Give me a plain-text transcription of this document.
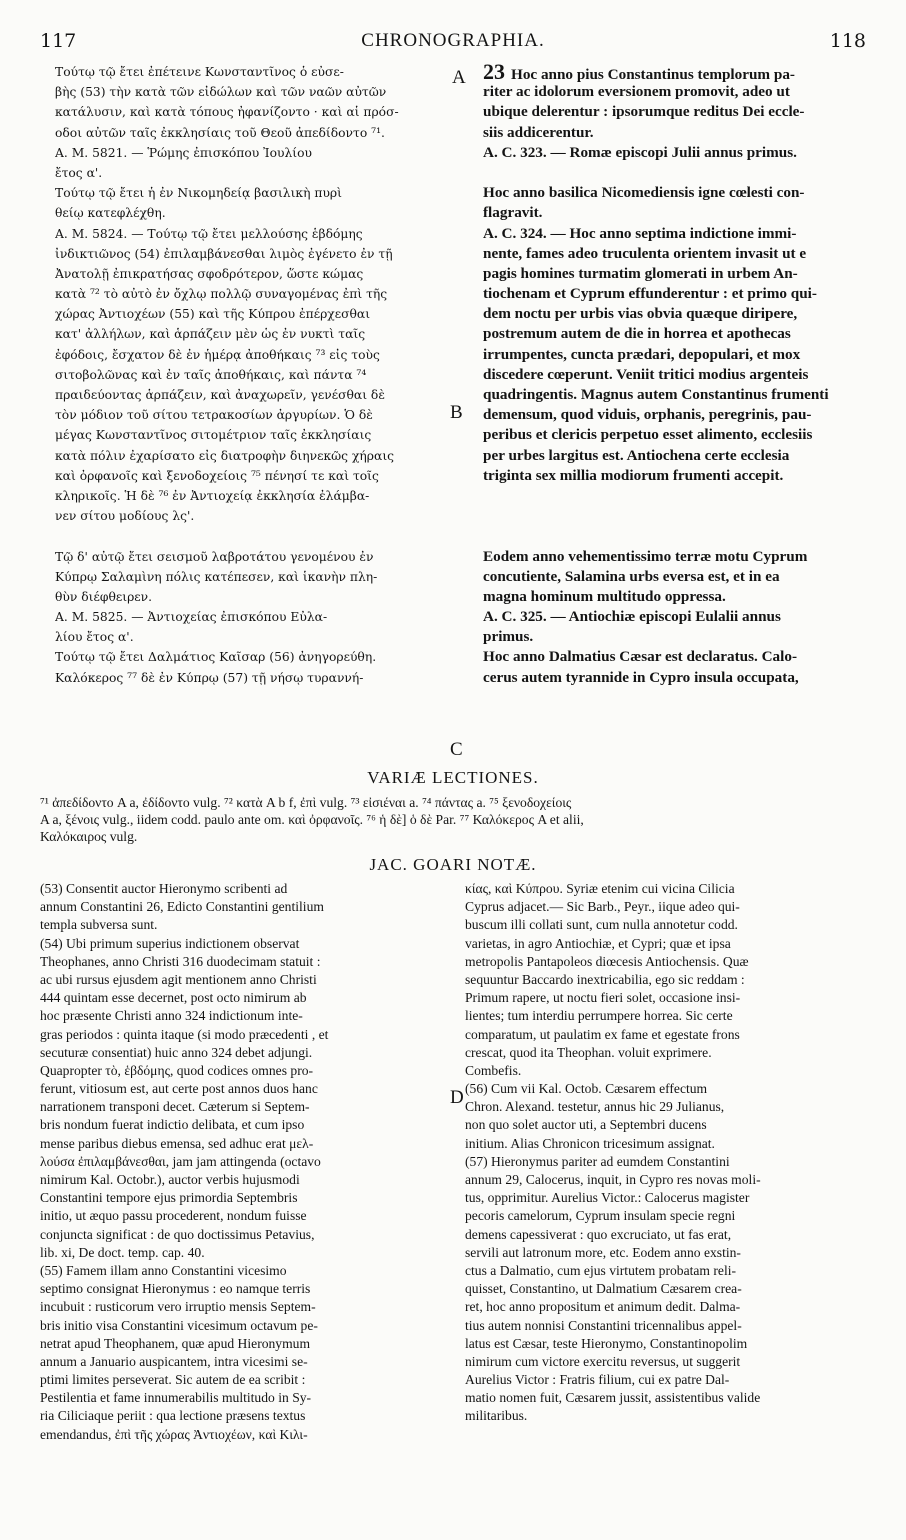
CHRONOGRAPHIA.
117	118
A
B
C
D
Τούτῳ τῷ ἔτει ἐπέτεινε Κωνσταντῖνος ὁ εὐσε-
βὴς (53) τὴν κατὰ τῶν εἰδώλων καὶ τῶν ναῶν αὐτῶν
κατάλυσιν, καὶ κατὰ τόπους ἠφανίζοντο · καὶ αἱ πρόσ-
οδοι αὐτῶν ταῖς ἐκκλησίαις τοῦ Θεοῦ ἀπεδίδοντο ⁷¹.
Α. Μ. 5821. — Ῥώμης ἐπισκόπου Ἰουλίου
ἔτος α'.
Τούτῳ τῷ ἔτει ἡ ἐν Νικομηδείᾳ βασιλικὴ πυρὶ
θείῳ κατεφλέχθη.
Α. Μ. 5824. — Τούτῳ τῷ ἔτει μελλούσης ἑβδόμης
ἰνδικτιῶνος (54) ἐπιλαμβάνεσθαι λιμὸς ἐγένετο ἐν τῇ
Ἀνατολῇ ἐπικρατήσας σφοδρότερον, ὥστε κώμας
κατὰ ⁷² τὸ αὐτὸ ἐν ὄχλῳ πολλῷ συναγομένας ἐπὶ τῆς
χώρας Ἀντιοχέων (55) καὶ τῆς Κύπρου ἐπέρχεσθαι
κατ' ἀλλήλων, καὶ ἁρπάζειν μὲν ὡς ἐν νυκτὶ ταῖς
ἐφόδοις, ἔσχατον δὲ ἐν ἡμέρᾳ ἀποθήκαις ⁷³ εἰς τοὺς
σιτοβολῶνας καὶ ἐν ταῖς ἀποθήκαις, καὶ πάντα ⁷⁴
πραιδεύοντας ἁρπάζειν, καὶ ἀναχωρεῖν, γενέσθαι δὲ
τὸν μόδιον τοῦ σίτου τετρακοσίων ἀργυρίων. Ὁ δὲ
μέγας Κωνσταντῖνος σιτομέτριον ταῖς ἐκκλησίαις
κατὰ πόλιν ἐχαρίσατο εἰς διατροφὴν διηνεκῶς χήραις
καὶ ὀρφανοῖς καὶ ξενοδοχείοις ⁷⁵ πένησί τε καὶ τοῖς
κληρικοῖς. Ἡ δὲ ⁷⁶ ἐν Ἀντιοχείᾳ ἐκκλησία ἐλάμβα-
νεν σίτου μοδίους λς'.
Τῷ δ' αὐτῷ ἔτει σεισμοῦ λαβροτάτου γενομένου ἐν
Κύπρῳ Σαλαμὶνη πόλις κατέπεσεν, καὶ ἱκανὴν πλη-
θὺν διέφθειρεν.
Α. Μ. 5825. — Ἀντιοχείας ἐπισκόπου Εὐλα-
λίου ἔτος α'.
Τούτῳ τῷ ἔτει Δαλμάτιος Καῖσαρ (56) ἀνηγορεύθη.
Καλόκερος ⁷⁷ δὲ ἐν Κύπρῳ (57) τῇ νήσῳ τυραννή-
23 Hoc anno pius Constantinus templorum pa-
riter ac idolorum eversionem promovit, adeo ut
ubique delerentur : ipsorumque reditus Dei eccle-
siis addicerentur.
A. C. 323. — Romæ episcopi Julii annus primus.
Hoc anno basilica Nicomediensis igne cœlesti con-
flagravit.
A. C. 324. — Hoc anno septima indictione immi-
nente, fames adeo truculenta orientem invasit ut e
pagis homines turmatim glomerati in urbem An-
tiochenam et Cyprum effunderentur : et primo qui-
dem noctu per urbis vias obvia quæque diripere,
postremum autem de die in horrea et apothecas
irrumpentes, cuncta prædari, depopulari, et mox
discedere cœperunt. Veniit tritici modius argenteis
quadringentis. Magnus autem Constantinus frumenti
demensum, quod viduis, orphanis, peregrinis, pau-
peribus et clericis perpetuo esset alimento, ecclesiis
per urbes largitus est. Antiochena certe ecclesia
triginta sex millia modiorum frumenti accepit.
Eodem anno vehementissimo terræ motu Cyprum
concutiente, Salamina urbs eversa est, et in ea
magna hominum multitudo oppressa.
A. C. 325. — Antiochiæ episcopi Eulalii annus
primus.
Hoc anno Dalmatius Cæsar est declaratus. Calo-
cerus autem tyrannide in Cypro insula occupata,
VARIÆ LECTIONES.
⁷¹ ἀπεδίδοντο A a, ἐδίδοντο vulg. ⁷² κατὰ A b f, ἐπὶ vulg. ⁷³ εἰσιέναι a. ⁷⁴ πάντας a. ⁷⁵ ξενοδοχείοις
A a, ξένοις vulg., iidem codd. paulo ante om. καὶ ὀρφανοῖς. ⁷⁶ ἡ δὲ] ὁ δὲ Par. ⁷⁷ Καλόκερος A et alii,
Καλόκαιρος vulg.
JAC. GOARI NOTÆ.
(53) Consentit auctor Hieronymo scribenti ad
annum Constantini 26, Edicto Constantini gentilium
templa subversa sunt.
(54) Ubi primum superius indictionem observat
Theophanes, anno Christi 316 duodecimam statuit :
ac ubi rursus ejusdem agit mentionem anno Christi
444 quintam esse decernet, post octo nimirum ab
hoc præsente Christi anno 324 indictionum inte-
gras periodos : quinta itaque (si modo præcedenti , et
secuturæ consentiat) huic anno 324 debet adjungi.
Quapropter τὸ, ἑβδόμης, quod codices omnes pro-
ferunt, vitiosum est, aut certe post annos duos hanc
narrationem transponi decet. Cæterum si Septem-
bris nondum fuerat indictio delibata, et cum ipso
mense paribus diebus emensa, sed adhuc erat μελ-
λούσα ἐπιλαμβάνεσθαι, jam jam attingenda (octavo
nimirum Kal. Octobr.), auctor verbis hujusmodi
Constantini tempore ejus primordia Septembris
initio, ut æquo passu procederent, nondum fuisse
conjuncta significat : de quo doctissimus Petavius,
lib. xi, De doct. temp. cap. 40.
(55) Famem illam anno Constantini vicesimo
septimo consignat Hieronymus : eo namque terris
incubuit : rusticorum vero irruptio mensis Septem-
bris initio visa Constantini vicesimum octavum pe-
netrat apud Theophanem, quæ apud Hieronymum
annum a Januario auspicantem, intra vicesimi se-
ptimi limites perseverat. Sic autem de ea scribit :
Pestilentia et fame innumerabilis multitudo in Sy-
ria Ciliciaque periit : qua lectione præsens textus
emendandus, ἐπὶ τῆς χώρας Ἀντιοχέων, καὶ Κιλι-
κίας, καὶ Κύπρου. Syriæ etenim cui vicina Cilicia
Cyprus adjacet.— Sic Barb., Peyr., iique adeo qui-
buscum illi collati sunt, cum nulla annotetur codd.
varietas, in agro Antiochiæ, et Cypri; quæ et ipsa
metropolis Pantapoleos diœcesis Antiochensis. Quæ
sequuntur Baccardo inextricabilia, ego sic reddam :
Primum rapere, ut noctu fieri solet, occasione insi-
lientes; tum interdiu perrumpere horrea. Sic certe
comparatum, ut paulatim ex fame et egestate frons
crescat, quod ita Theophan. voluit exprimere.
Combefis.
(56) Cum vii Kal. Octob. Cæsarem effectum
Chron. Alexand. testetur, annus hic 29 Julianus,
non quo solet auctor uti, a Septembri ducens
initium. Alias Chronicon tricesimum assignat.
(57) Hieronymus pariter ad eumdem Constantini
annum 29, Calocerus, inquit, in Cypro res novas moli-
tus, opprimitur. Aurelius Victor.: Calocerus magister
pecoris camelorum, Cyprum insulam specie regni
demens capessiverat : quo excruciato, ut fas erat,
servili aut latronum more, etc. Eodem anno exstin-
ctus a Dalmatio, cum ejus virtutem probatam reli-
quisset, Constantino, ut Dalmatium Cæsarem crea-
ret, hoc anno propositum et animum dedit. Dalma-
tius autem nonnisi Constantini tricennalibus appel-
latus est Cæsar, teste Hieronymo, Constantinopolim
nimirum cum victore exercitu reversus, ut suggerit
Aurelius Victor : Fratris filium, cui ex patre Dal-
matio nomen fuit, Cæsarem jussit, assistentibus valide
militaribus.
